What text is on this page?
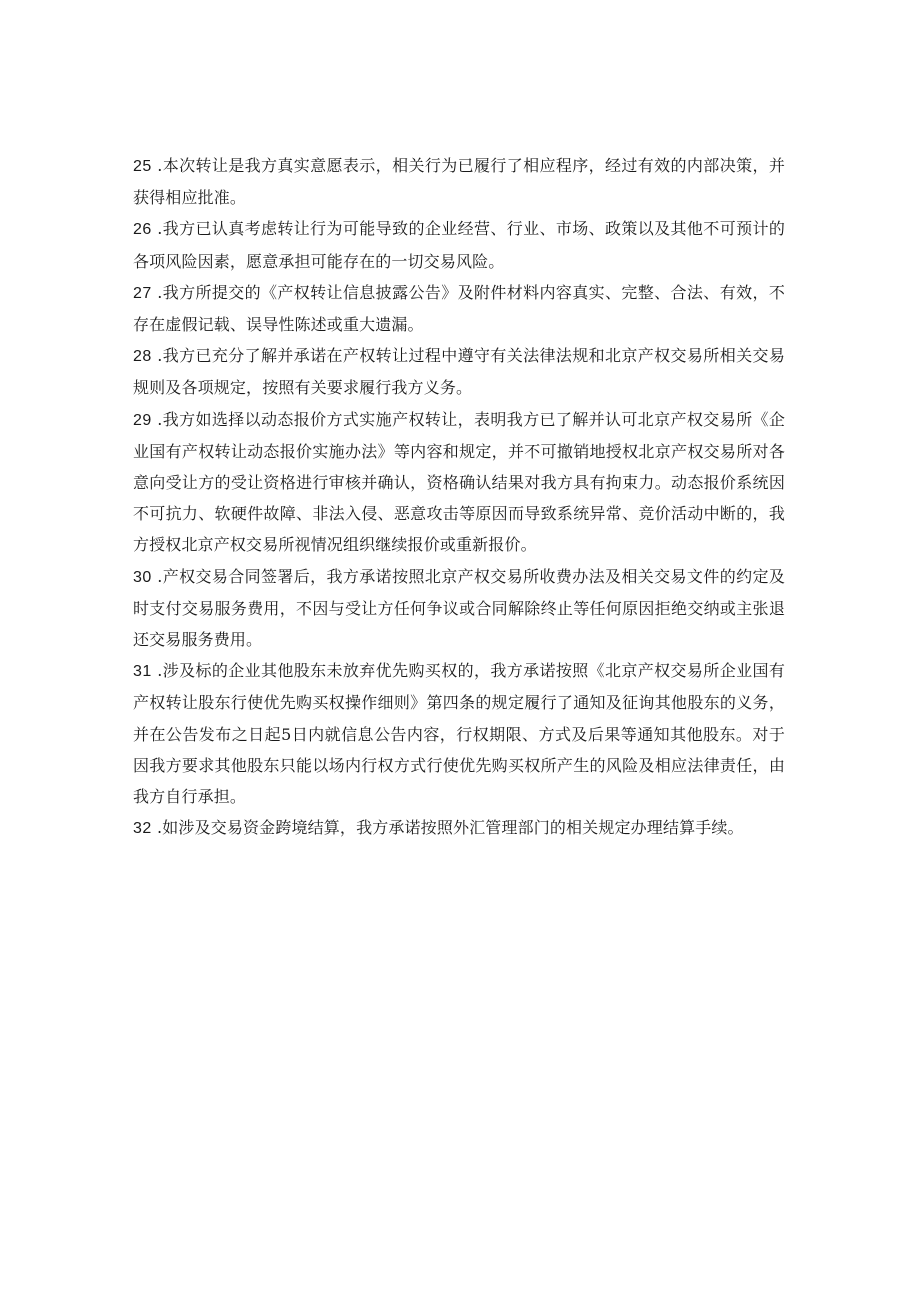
25 .本次转让是我方真实意愿表示，相关行为已履行了相应程序，经过有效的内部决策，并获得相应批准。

26 .我方已认真考虑转让行为可能导致的企业经营、行业、市场、政策以及其他不可预计的各项风险因素，愿意承担可能存在的一切交易风险。

27 .我方所提交的《产权转让信息披露公告》及附件材料内容真实、完整、合法、有效，不存在虚假记载、误导性陈述或重大遗漏。

28 .我方已充分了解并承诺在产权转让过程中遵守有关法律法规和北京产权交易所相关交易规则及各项规定，按照有关要求履行我方义务。

29 .我方如选择以动态报价方式实施产权转让，表明我方已了解并认可北京产权交易所《企业国有产权转让动态报价实施办法》等内容和规定，并不可撤销地授权北京产权交易所对各意向受让方的受让资格进行审核并确认，资格确认结果对我方具有拘束力。动态报价系统因不可抗力、软硬件故障、非法入侵、恶意攻击等原因而导致系统异常、竞价活动中断的，我方授权北京产权交易所视情况组织继续报价或重新报价。

30 .产权交易合同签署后，我方承诺按照北京产权交易所收费办法及相关交易文件的约定及时支付交易服务费用，不因与受让方任何争议或合同解除终止等任何原因拒绝交纳或主张退还交易服务费用。

31 .涉及标的企业其他股东未放弃优先购买权的，我方承诺按照《北京产权交易所企业国有产权转让股东行使优先购买权操作细则》第四条的规定履行了通知及征询其他股东的义务，并在公告发布之日起5日内就信息公告内容，行权期限、方式及后果等通知其他股东。对于因我方要求其他股东只能以场内行权方式行使优先购买权所产生的风险及相应法律责任，由我方自行承担。

32 .如涉及交易资金跨境结算，我方承诺按照外汇管理部门的相关规定办理结算手续。
